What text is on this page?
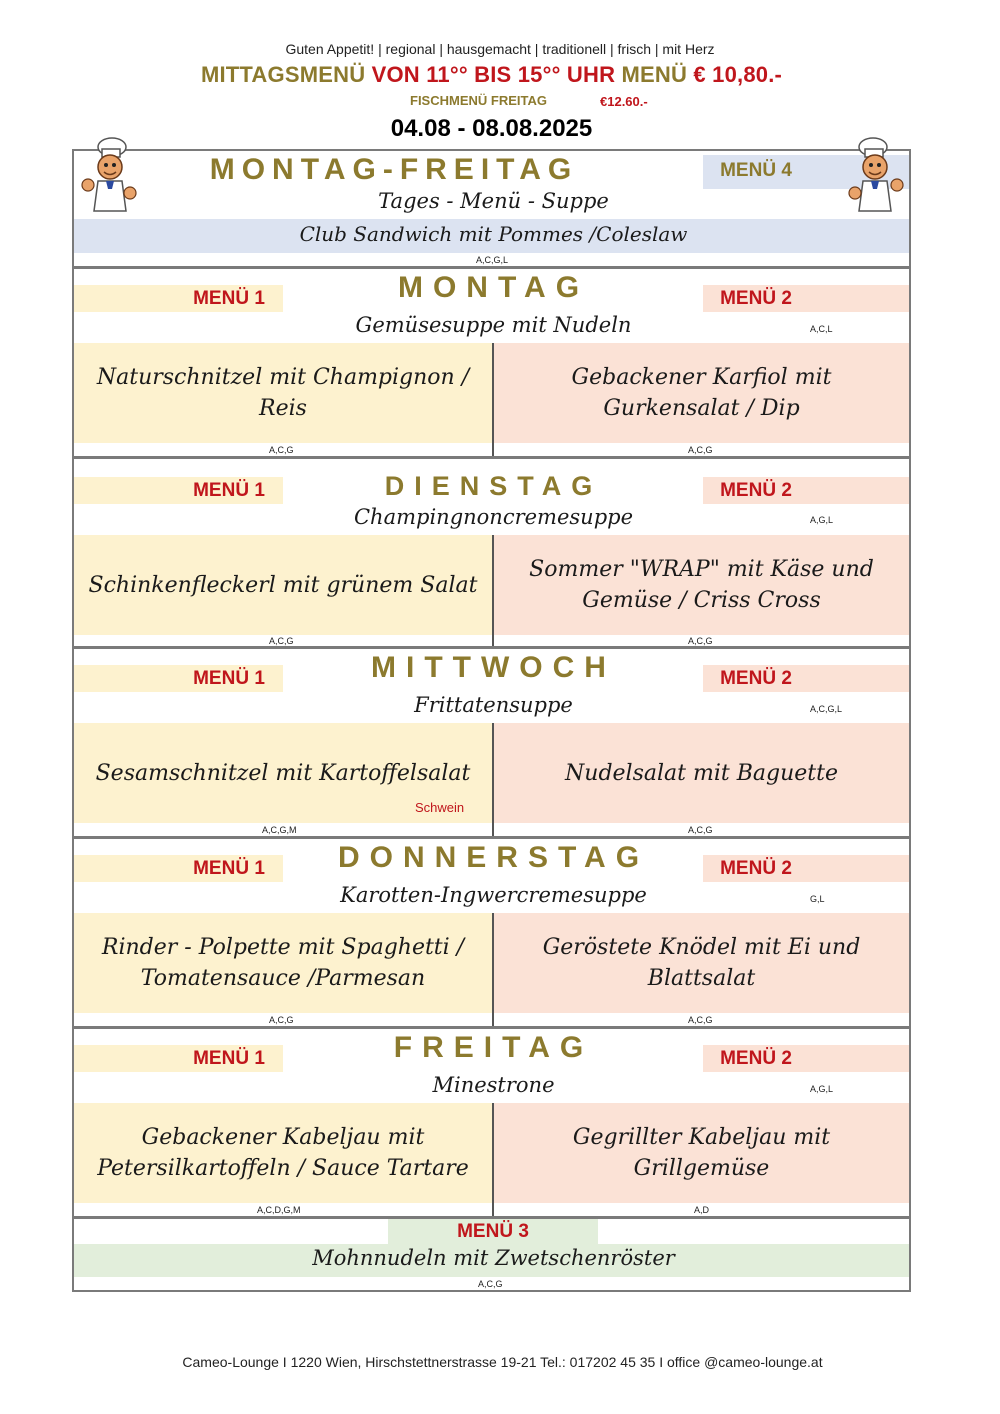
Guten Appetit! | regional | hausgemacht | traditionell | frisch | mit Herz
MITTAGSMENÜ VON 11°° BIS 15°° UHR MENÜ € 10,80.-
FISCHMENÜ FREITAG	€12.60.-
04.08 - 08.08.2025
MONTAG-FREITAG	MENÜ 4
Tages - Menü - Suppe
Club Sandwich mit Pommes /Coleslaw
A,C,G,L
MENÜ 1	MENÜ 2
MONTAG
Gemüsesuppe mit Nudeln	A,C,L
Naturschnitzel mit Champignon / Reis
Gebackener Karfiol mit Gurkensalat / Dip
A,C,G	A,C,G
MENÜ 1	MENÜ 2
DIENSTAG
Champingnoncremesuppe	A,G,L
Schinkenfleckerl mit grünem Salat
Sommer "WRAP" mit Käse und Gemüse / Criss Cross
A,C,G	A,C,G
MENÜ 1	MENÜ 2
MITTWOCH
Frittatensuppe	A,C,G,L
Sesamschnitzel mit Kartoffelsalat
Schwein
Nudelsalat mit Baguette
A,C,G,M	A,C,G
MENÜ 1	MENÜ 2
DONNERSTAG
Karotten-Ingwercremesuppe	G,L
Rinder - Polpette mit Spaghetti / Tomatensauce /Parmesan
Geröstete Knödel mit Ei und Blattsalat
A,C,G	A,C,G
MENÜ 1	MENÜ 2
FREITAG
Minestrone	A,G,L
Gebackener Kabeljau mit Petersilkartoffeln / Sauce Tartare
Gegrillter Kabeljau mit Grillgemüse
A,C,D,G,M	A,D
MENÜ 3
Mohnnudeln mit Zwetschenröster
A,C,G
Cameo-Lounge I 1220 Wien, Hirschstettnerstrasse 19-21 Tel.: 017202 45 35 I office @cameo-lounge.at
